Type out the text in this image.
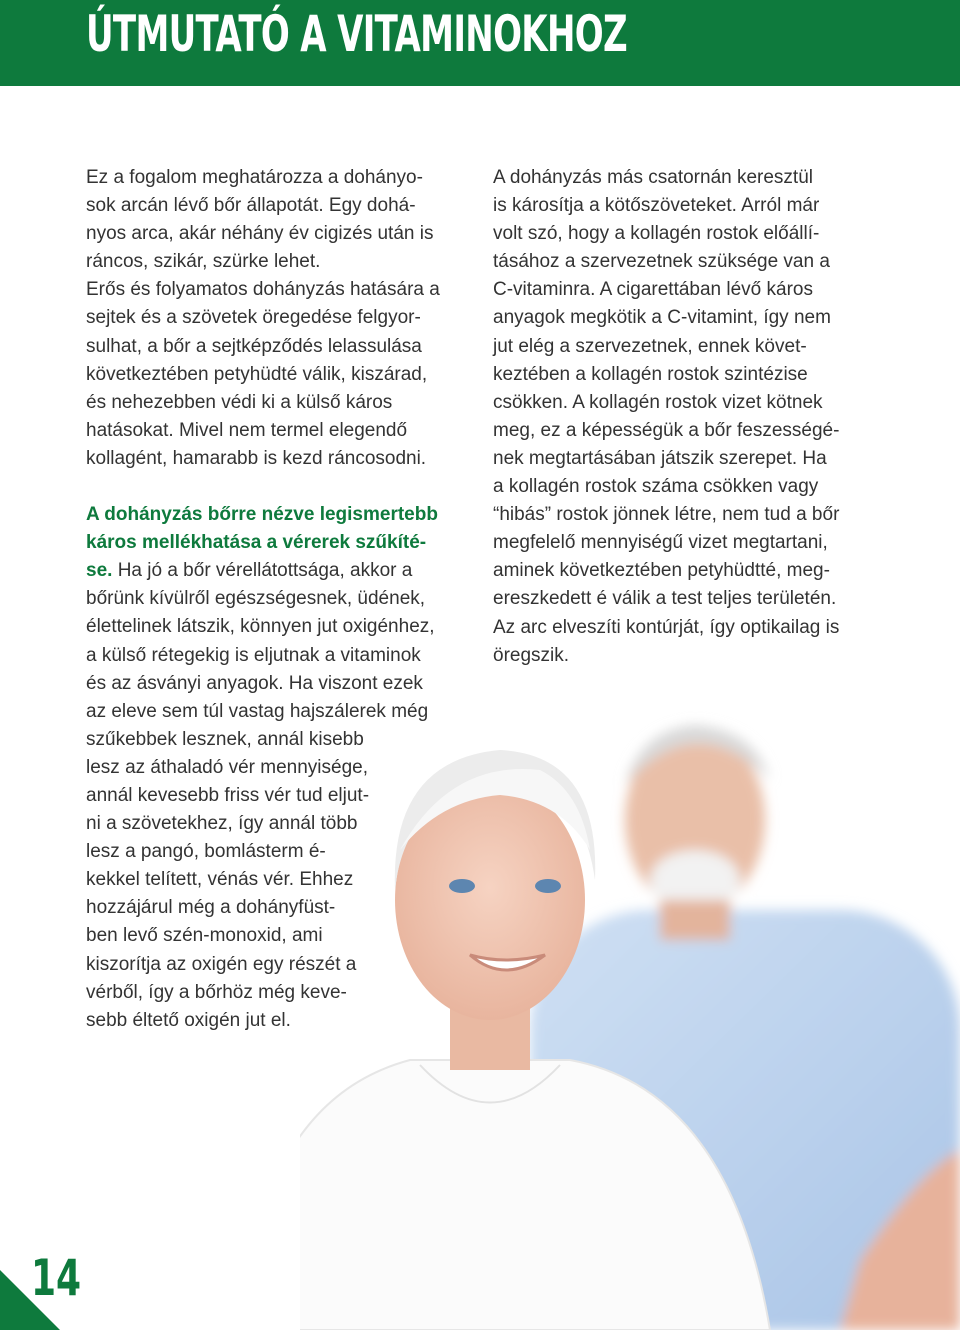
ÚTMUTATÓ A VITAMINOKHOZ

Ez a fogalom meghatározza a dohányo-
sok arcán lévő bőr állapotát. Egy dohá-
nyos arca, akár néhány év cigizés után is
ráncos, szikár, szürke lehet.
Erős és folyamatos dohányzás hatására a
sejtek és a szövetek öregedése felgyor-
sulhat, a bőr a sejtképződés lelassulása
következtében petyhüdté válik, kiszárad,
és nehezebben védi ki a külső káros
hatásokat. Mivel nem termel elegendő
kollagént, hamarabb is kezd ráncosodni.

A dohányzás bőrre nézve legismertebb
káros mellékhatása a vérerek szűkíté-
se. Ha jó a bőr vérellátottsága, akkor a
bőrünk kívülről egészségesnek, üdének,
élettelinek látszik, könnyen jut oxigénhez,
a külső rétegekig is eljutnak a vitaminok
és az ásványi anyagok. Ha viszont ezek
az eleve sem túl vastag hajszálerek még
szűkebbek lesznek, annál kisebb
lesz az áthaladó vér mennyisége,
annál kevesebb friss vér tud eljut-
ni a szövetekhez, így annál több
lesz a pangó, bomlásterm é-
kekkel telített, vénás vér. Ehhez
hozzájárul még a dohányfüst-
ben levő szén-monoxid, ami
kiszorítja az oxigén egy részét a
vérből, így a bőrhöz még keve-
sebb éltető oxigén jut el.

A dohányzás más csatornán keresztül
is károsítja a kötőszöveteket. Arról már
volt szó, hogy a kollagén rostok előállí-
tásához a szervezetnek szüksége van a
C-vitaminra. A cigarettában lévő káros
anyagok megkötik a C-vitamint, így nem
jut elég a szervezetnek, ennek követ-
keztében a kollagén rostok szintézise
csökken. A kollagén rostok vizet kötnek
meg, ez a képességük a bőr feszességé-
nek megtartásában játszik szerepet. Ha
a kollagén rostok száma csökken vagy
“hibás” rostok jönnek létre, nem tud a bőr
megfelelő mennyiségű vizet megtartani,
aminek következtében petyhüdtté, meg-
ereszkedett é válik a test teljes területén.
Az arc elveszíti kontúrját, így optikailag is
öregszik.

14
